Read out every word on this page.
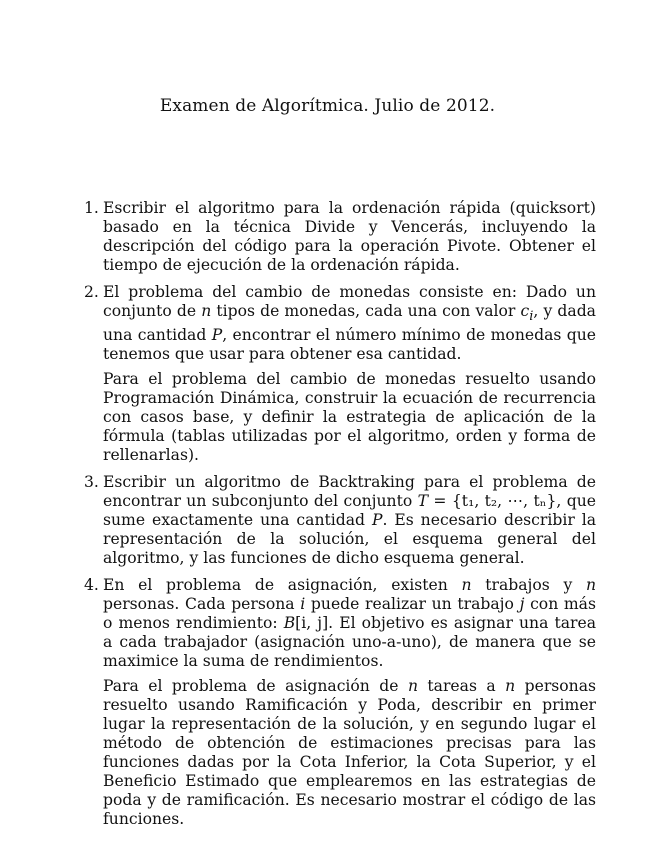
Examen de Algorítmica. Julio de 2012.
1. Escribir el algoritmo para la ordenación rápida (quicksort) basado en la técnica Divide y Vencerás, incluyendo la descripción del código para la operación Pivote. Obtener el tiempo de ejecución de la ordenación rápida.

2. El problema del cambio de monedas consiste en: Dado un conjunto de n tipos de monedas, cada una con valor $c_i$, y dada una cantidad P, encontrar el número mínimo de monedas que tenemos que usar para obtener esa cantidad.

Para el problema del cambio de monedas resuelto usando Programación Dinámica, construir la ecuación de recurrencia con casos base, y definir la estrategia de aplicación de la fórmula (tablas utilizadas por el algoritmo, orden y forma de rellenarlas).

3. Escribir un algoritmo de Backtraking para el problema de encontrar un subconjunto del conjunto T = {t₁, t₂, ⋯, tₙ}, que sume exactamente una cantidad P. Es necesario describir la representación de la solución, el esquema general del algoritmo, y las funciones de dicho esquema general.

4. En el problema de asignación, existen n trabajos y n personas. Cada persona i puede realizar un trabajo j con más o menos rendimiento: B[i, j]. El objetivo es asignar una tarea a cada trabajador (asignación uno-a-uno), de manera que se maximice la suma de rendimientos.

Para el problema de asignación de n tareas a n personas resuelto usando Ramificación y Poda, describir en primer lugar la representación de la solución, y en segundo lugar el método de obtención de estimaciones precisas para las funciones dadas por la Cota Inferior, la Cota Superior, y el Beneficio Estimado que emplearemos en las estrategias de poda y de ramificación. Es necesario mostrar el código de las funciones.
